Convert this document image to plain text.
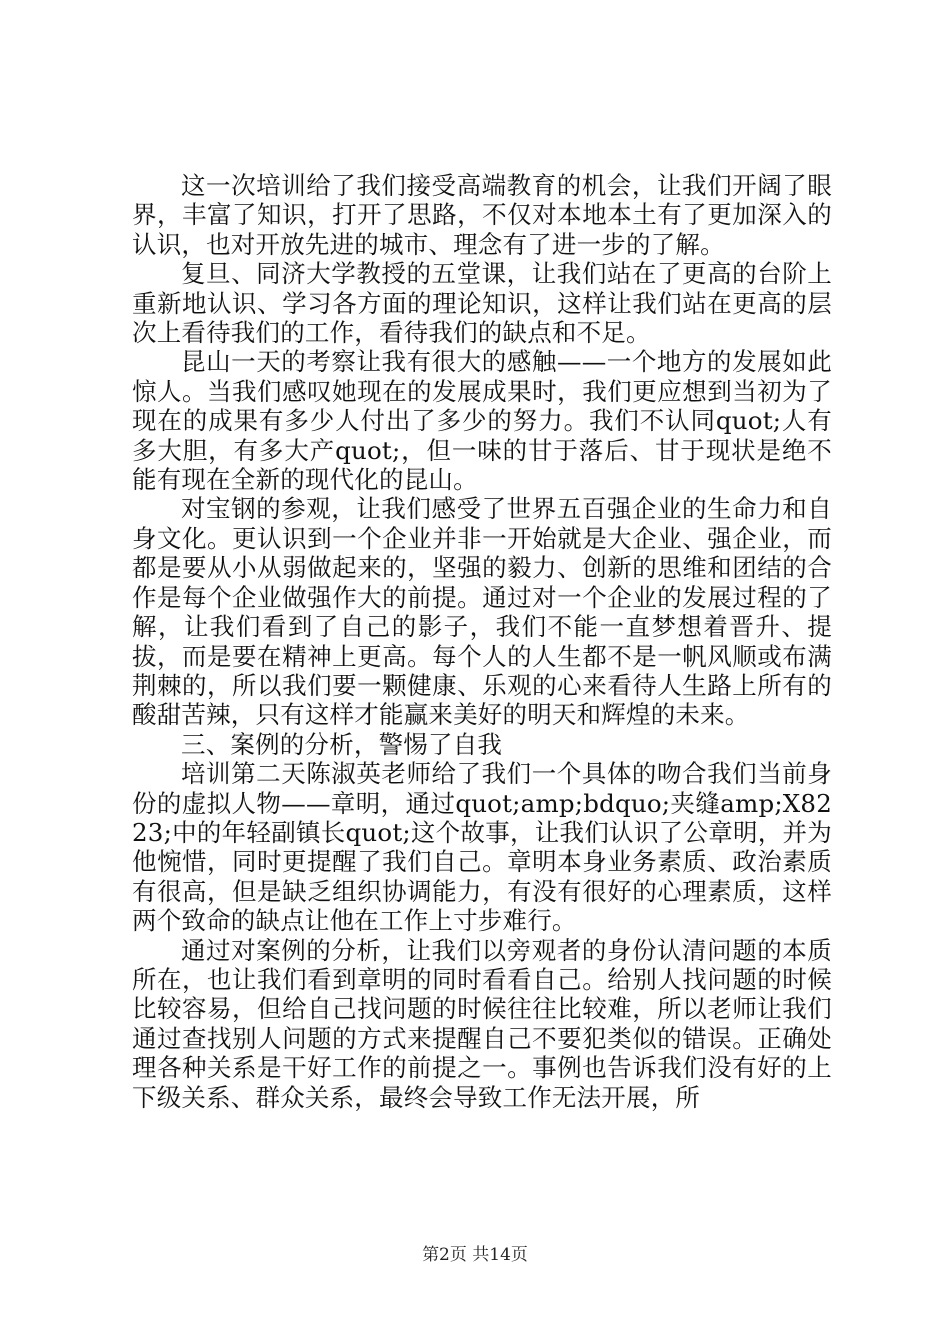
这一次培训给了我们接受高端教育的机会，让我们开阔了眼界，丰富了知识，打开了思路，不仅对本地本土有了更加深入的认识，也对开放先进的城市、理念有了进一步的了解。

复旦、同济大学教授的五堂课，让我们站在了更高的台阶上重新地认识、学习各方面的理论知识，这样让我们站在更高的层次上看待我们的工作，看待我们的缺点和不足。

昆山一天的考察让我有很大的感触——一个地方的发展如此惊人。当我们感叹她现在的发展成果时，我们更应想到当初为了现在的成果有多少人付出了多少的努力。我们不认同quot;人有多大胆，有多大产quot;，但一味的甘于落后、甘于现状是绝不能有现在全新的现代化的昆山。

对宝钢的参观，让我们感受了世界五百强企业的生命力和自身文化。更认识到一个企业并非一开始就是大企业、强企业，而都是要从小从弱做起来的，坚强的毅力、创新的思维和团结的合作是每个企业做强作大的前提。通过对一个企业的发展过程的了解，让我们看到了自己的影子，我们不能一直梦想着晋升、提拔，而是要在精神上更高。每个人的人生都不是一帆风顺或布满荆棘的，所以我们要一颗健康、乐观的心来看待人生路上所有的酸甜苦辣，只有这样才能赢来美好的明天和辉煌的未来。

三、案例的分析，警惕了自我

培训第二天陈淑英老师给了我们一个具体的吻合我们当前身份的虚拟人物——章明，通过quot;amp;bdquo;夹缝amp;X8223;中的年轻副镇长quot;这个故事，让我们认识了公章明，并为他惋惜，同时更提醒了我们自己。章明本身业务素质、政治素质有很高，但是缺乏组织协调能力，有没有很好的心理素质，这样两个致命的缺点让他在工作上寸步难行。

通过对案例的分析，让我们以旁观者的身份认清问题的本质所在，也让我们看到章明的同时看看自己。给别人找问题的时候比较容易，但给自己找问题的时候往往比较难，所以老师让我们通过查找别人问题的方式来提醒自己不要犯类似的错误。正确处理各种关系是干好工作的前提之一。事例也告诉我们没有好的上下级关系、群众关系，最终会导致工作无法开展，所

第2页 共14页
